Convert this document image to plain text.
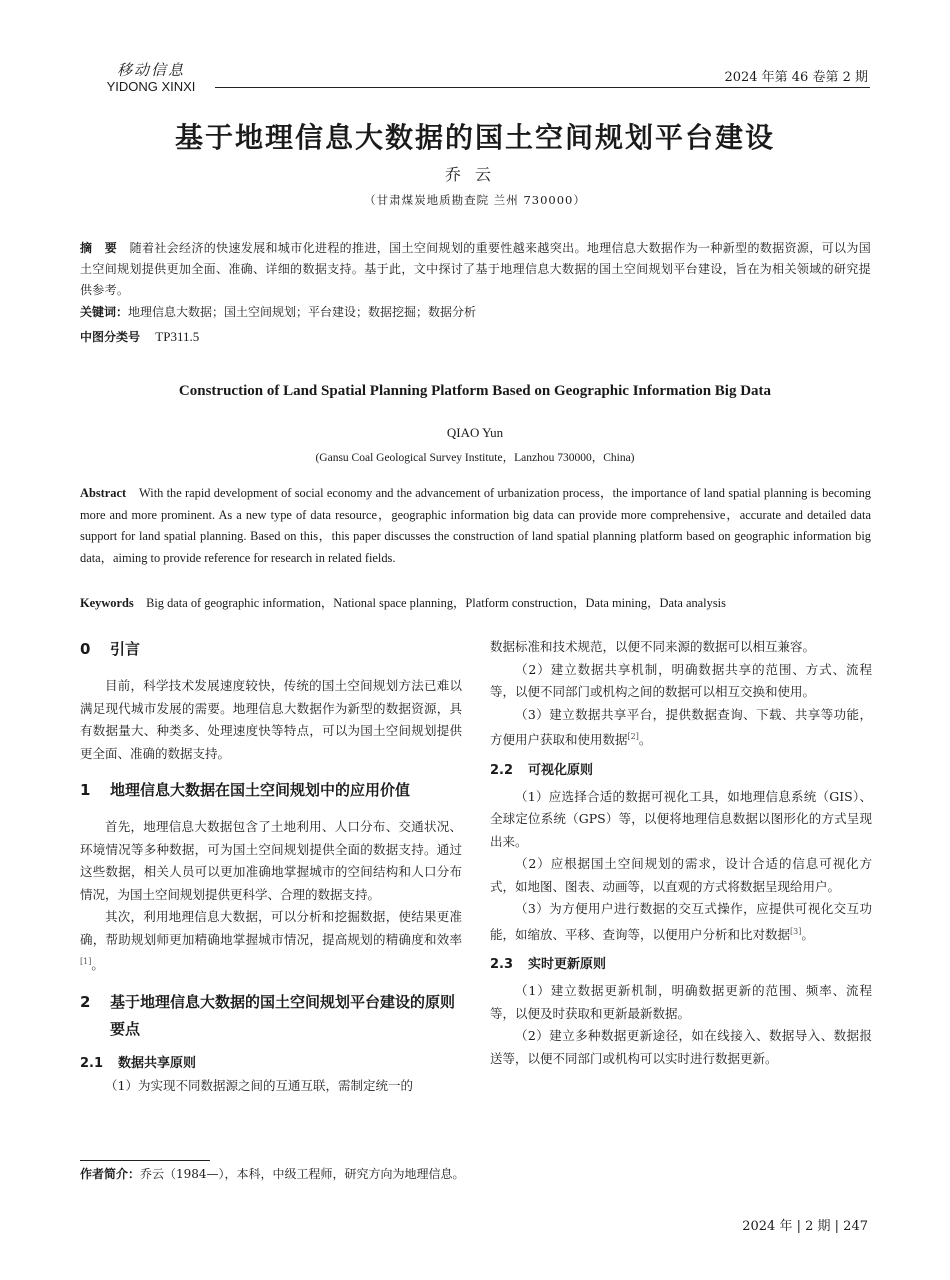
移动信息
YIDONG XINXI
2024 年第 46 卷第 2 期
基于地理信息大数据的国土空间规划平台建设
乔云
（甘肃煤炭地质勘查院 兰州 730000）
摘　要 随着社会经济的快速发展和城市化进程的推进，国土空间规划的重要性越来越突出。地理信息大数据作为一种新型的数据资源，可以为国土空间规划提供更加全面、准确、详细的数据支持。基于此，文中探讨了基于地理信息大数据的国土空间规划平台建设，旨在为相关领域的研究提供参考。
关键词：地理信息大数据；国土空间规划；平台建设；数据挖掘；数据分析
中图分类号 TP311.5
Construction of Land Spatial Planning Platform Based on Geographic Information Big Data
QIAO Yun
(Gansu Coal Geological Survey Institute，Lanzhou 730000，China)
Abstract With the rapid development of social economy and the advancement of urbanization process，the importance of land spatial planning is becoming more and more prominent. As a new type of data resource，geographic information big data can provide more comprehensive，accurate and detailed data support for land spatial planning. Based on this，this paper discusses the construction of land spatial planning platform based on geographic information big data，aiming to provide reference for research in related fields.
Keywords Big data of geographic information，National space planning，Platform construction，Data mining，Data analysis
0	引言

目前，科学技术发展速度较快，传统的国土空间规划方法已难以满足现代城市发展的需要。地理信息大数据作为新型的数据资源，具有数据量大、种类多、处理速度快等特点，可以为国土空间规划提供更全面、准确的数据支持。

1	地理信息大数据在国土空间规划中的应用价值

首先，地理信息大数据包含了土地利用、人口分布、交通状况、环境情况等多种数据，可为国土空间规划提供全面的数据支持。通过这些数据，相关人员可以更加准确地掌握城市的空间结构和人口分布情况，为国土空间规划提供更科学、合理的数据支持。

其次，利用地理信息大数据，可以分析和挖掘数据，使结果更准确，帮助规划师更加精确地掌握城市情况，提高规划的精确度和效率[1]。

2	基于地理信息大数据的国土空间规划平台建设的原则要点
2.1 数据共享原则

（1）为实现不同数据源之间的互通互联，需制定统一的

作者简介：乔云（1984—），本科，中级工程师，研究方向为地理信息。

数据标准和技术规范，以便不同来源的数据可以相互兼容。

（2）建立数据共享机制，明确数据共享的范围、方式、流程等，以便不同部门或机构之间的数据可以相互交换和使用。

（3）建立数据共享平台，提供数据查询、下载、共享等功能，方便用户获取和使用数据[2]。

2.2 可视化原则

（1）应选择合适的数据可视化工具，如地理信息系统（GIS）、全球定位系统（GPS）等，以便将地理信息数据以图形化的方式呈现出来。

（2）应根据国土空间规划的需求，设计合适的信息可视化方式，如地图、图表、动画等，以直观的方式将数据呈现给用户。

（3）为方便用户进行数据的交互式操作，应提供可视化交互功能，如缩放、平移、查询等，以便用户分析和比对数据[3]。

2.3 实时更新原则

（1）建立数据更新机制，明确数据更新的范围、频率、流程等，以便及时获取和更新最新数据。

（2）建立多种数据更新途径，如在线接入、数据导入、数据报送等，以便不同部门或机构可以实时进行数据更新。

2024 年 | 2 期 | 247
